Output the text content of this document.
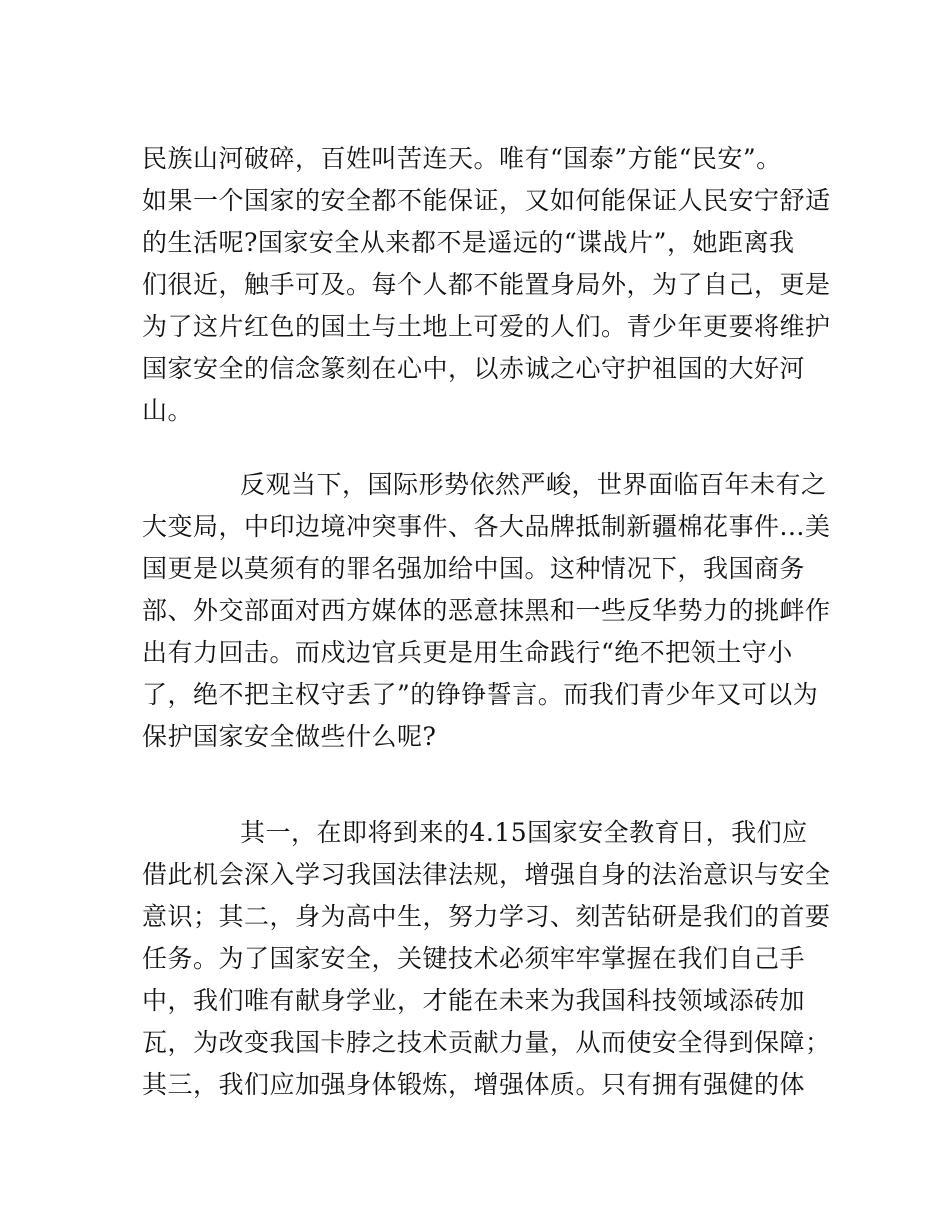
民族山河破碎，百姓叫苦连天。唯有“国泰”方能“民安”。
如果一个国家的安全都不能保证，又如何能保证人民安宁舒适
的生活呢?国家安全从来都不是遥远的“谍战片”，她距离我
们很近，触手可及。每个人都不能置身局外，为了自己，更是
为了这片红色的国土与土地上可爱的人们。青少年更要将维护
国家安全的信念篆刻在心中，以赤诚之心守护祖国的大好河
山。
反观当下，国际形势依然严峻，世界面临百年未有之
大变局，中印边境冲突事件、各大品牌抵制新疆棉花事件...美
国更是以莫须有的罪名强加给中国。这种情况下，我国商务
部、外交部面对西方媒体的恶意抹黑和一些反华势力的挑衅作
出有力回击。而戍边官兵更是用生命践行“绝不把领土守小
了，绝不把主权守丢了”的铮铮誓言。而我们青少年又可以为
保护国家安全做些什么呢?
其一，在即将到来的4.15国家安全教育日，我们应
借此机会深入学习我国法律法规，增强自身的法治意识与安全
意识；其二，身为高中生，努力学习、刻苦钻研是我们的首要
任务。为了国家安全，关键技术必须牢牢掌握在我们自己手
中，我们唯有献身学业，才能在未来为我国科技领域添砖加
瓦，为改变我国卡脖之技术贡献力量，从而使安全得到保障；
其三，我们应加强身体锻炼，增强体质。只有拥有强健的体
